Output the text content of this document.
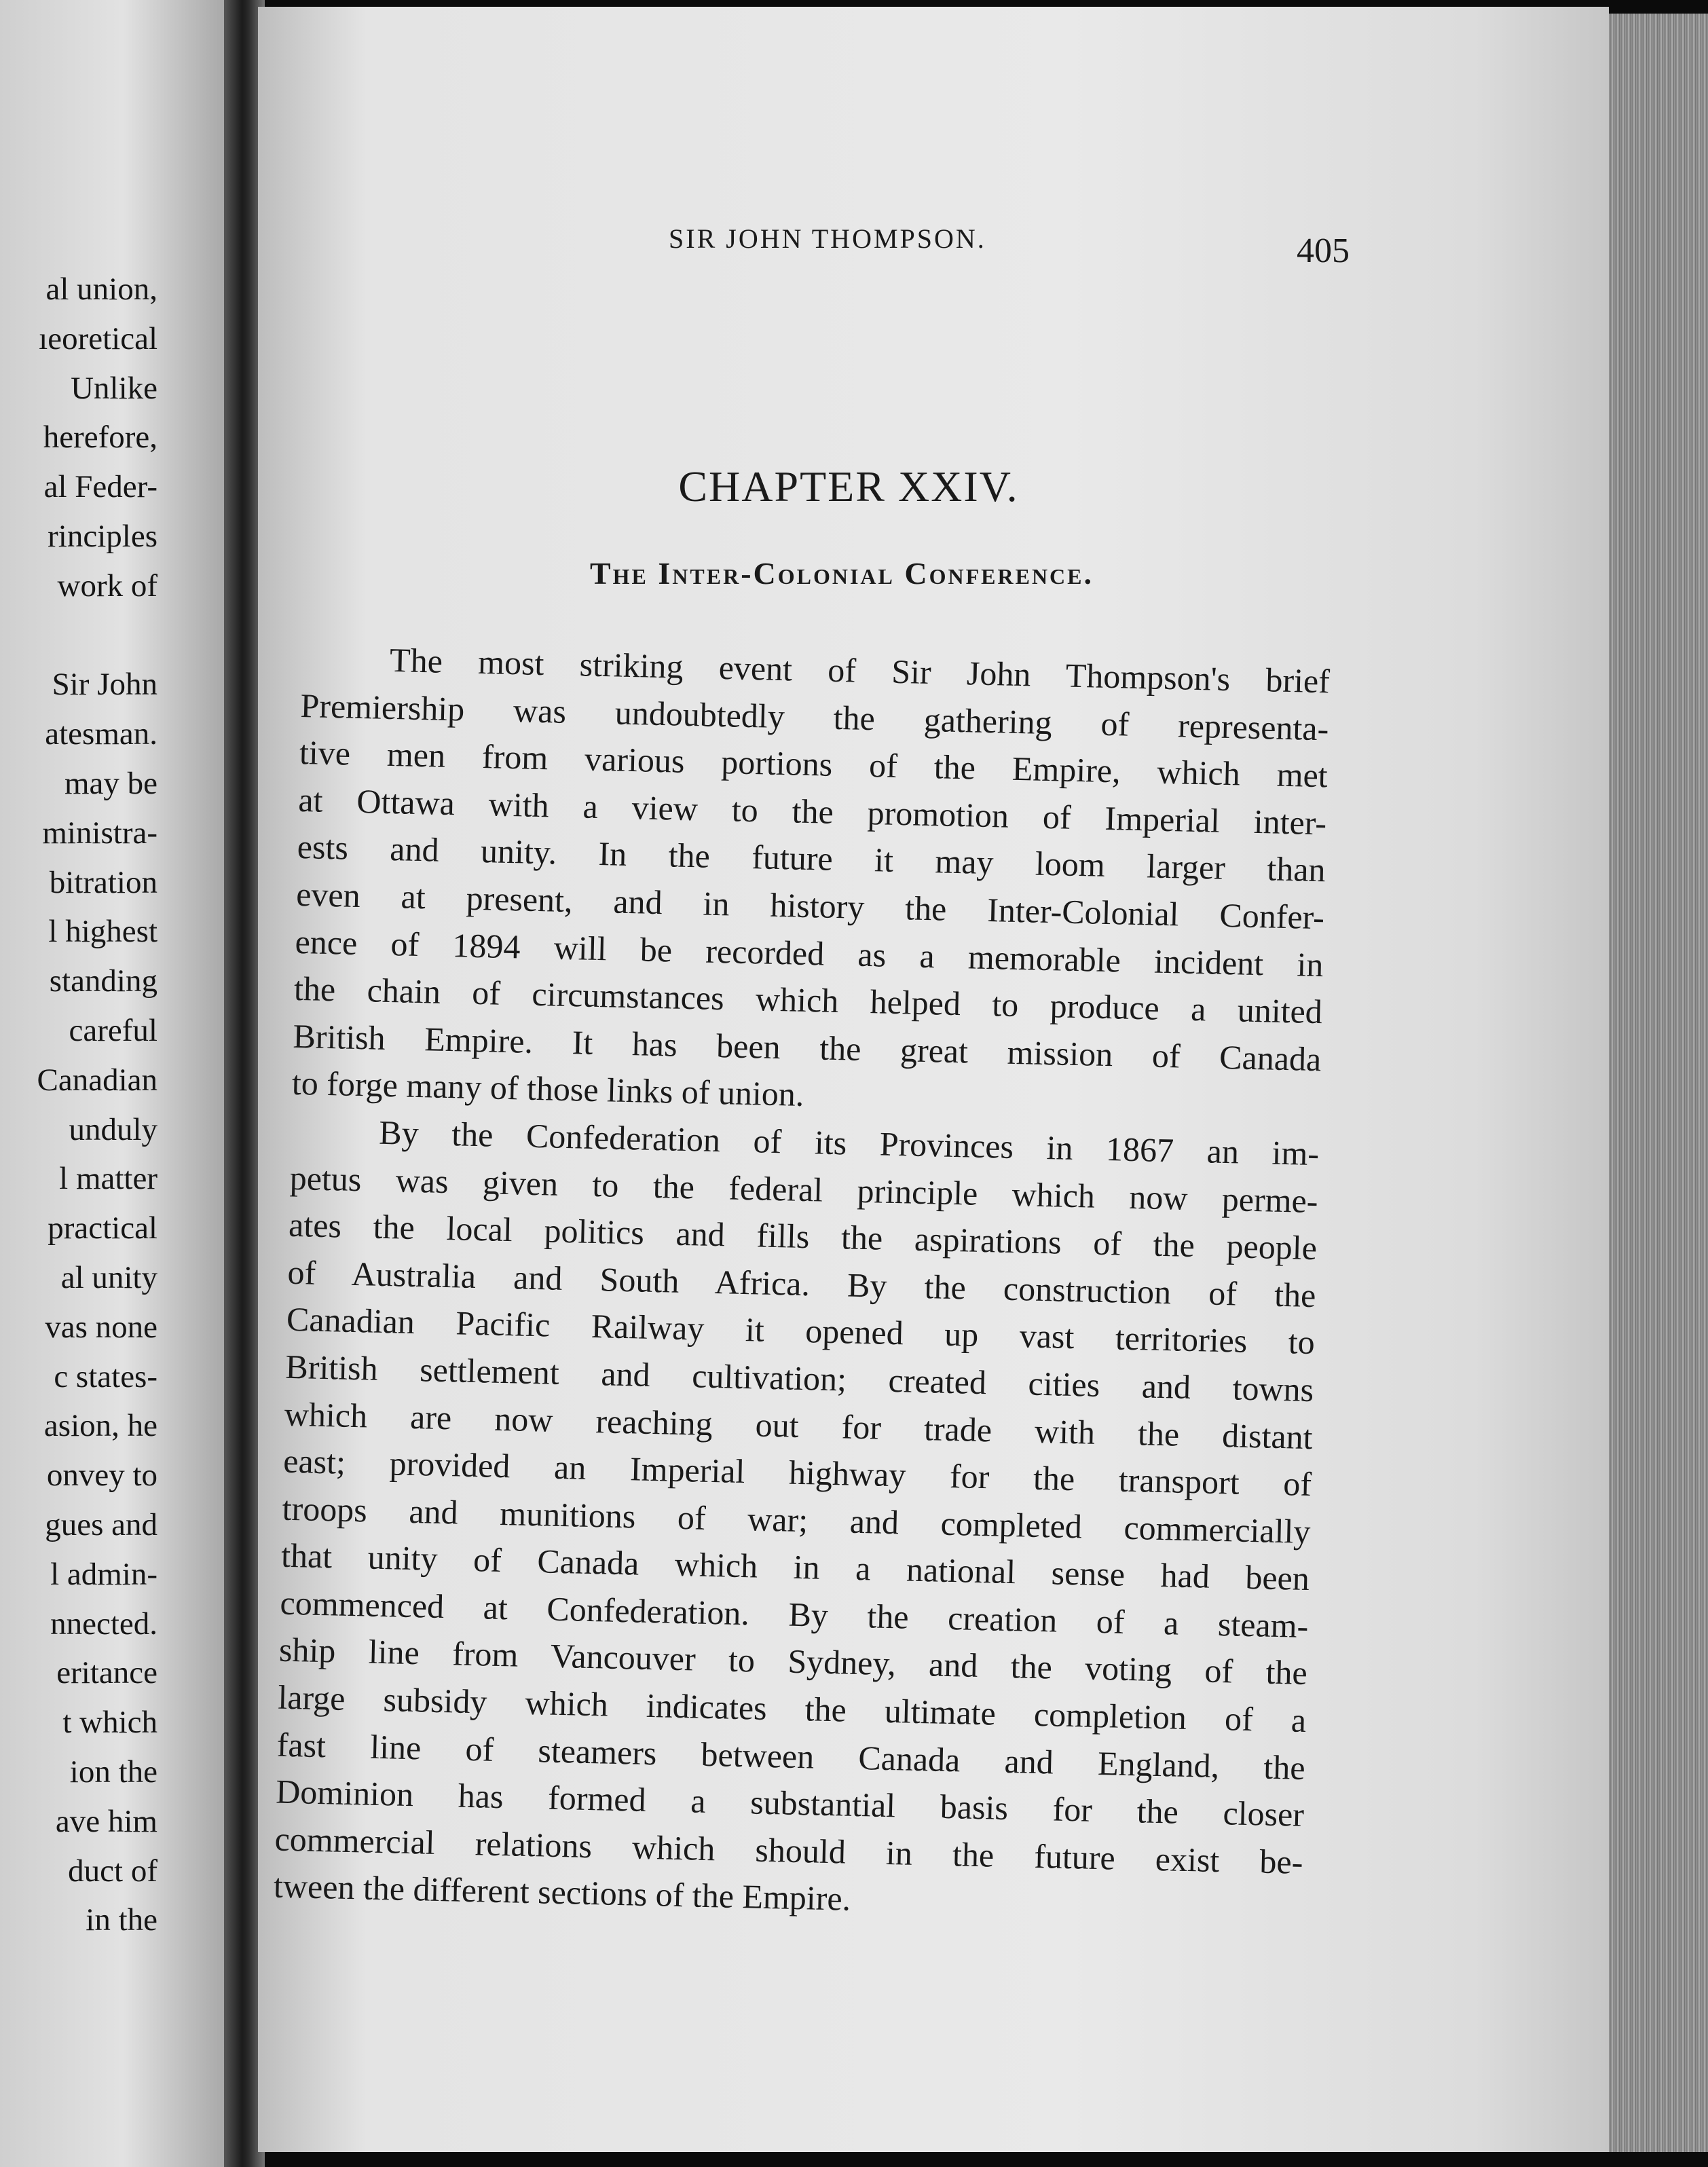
al union,
ıeoretical
Unlike
herefore,
al Feder-
rinciples
work of

Sir John
atesman.
may be
ministra-
bitration
l highest
standing
careful
Canadian
unduly
l matter
practical
al unity
vas none
c states-
asion, he
onvey to
gues and
l admin-
nnected.
eritance
t which
ion the
ave him
duct of
in the
SIR JOHN THOMPSON.	405
CHAPTER XXIV.
The Inter-Colonial Conference.
The most striking event of Sir John Thompson's brief
Premiership was undoubtedly the gathering of representa-
tive men from various portions of the Empire, which met
at Ottawa with a view to the promotion of Imperial inter-
ests and unity. In the future it may loom larger than
even at present, and in history the Inter-Colonial Confer-
ence of 1894 will be recorded as a memorable incident in
the chain of circumstances which helped to produce a united
British Empire. It has been the great mission of Canada
to forge many of those links of union.
By the Confederation of its Provinces in 1867 an im-
petus was given to the federal principle which now perme-
ates the local politics and fills the aspirations of the people
of Australia and South Africa. By the construction of the
Canadian Pacific Railway it opened up vast territories to
British settlement and cultivation; created cities and towns
which are now reaching out for trade with the distant
east; provided an Imperial highway for the transport of
troops and munitions of war; and completed commercially
that unity of Canada which in a national sense had been
commenced at Confederation. By the creation of a steam-
ship line from Vancouver to Sydney, and the voting of the
large subsidy which indicates the ultimate completion of a
fast line of steamers between Canada and England, the
Dominion has formed a substantial basis for the closer
commercial relations which should in the future exist be-
tween the different sections of the Empire.
